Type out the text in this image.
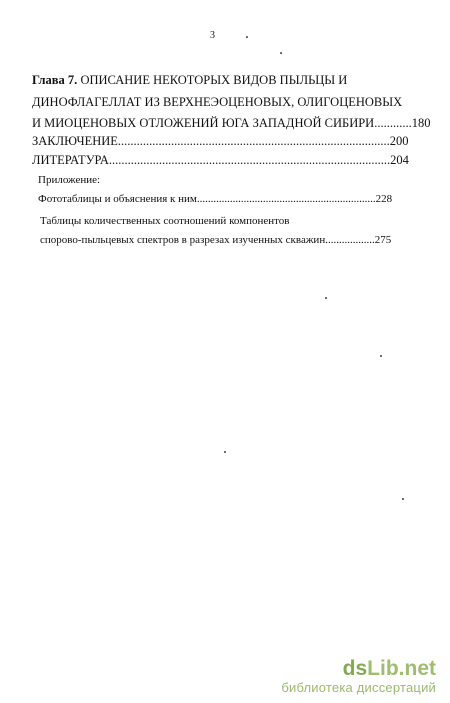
3
Глава 7. ОПИСАНИЕ НЕКОТОРЫХ ВИДОВ ПЫЛЬЦЫ И
ДИНОФЛАГЕЛЛАТ ИЗ ВЕРХНЕЭОЦЕНОВЫХ, ОЛИГОЦЕНОВЫХ
И МИОЦЕНОВЫХ ОТЛОЖЕНИЙ ЮГА ЗАПАДНОЙ СИБИРИ............180
ЗАКЛЮЧЕНИЕ.......................................................................................200
ЛИТЕРАТУРА..........................................................................................204
Приложение:
Фототаблицы и объяснения к ним.................................................................228
Таблицы количественных соотношений компонентов
спорово-пыльцевых спектров в разрезах изученных скважин..................275
dsLib.net
библиотека диссертаций
